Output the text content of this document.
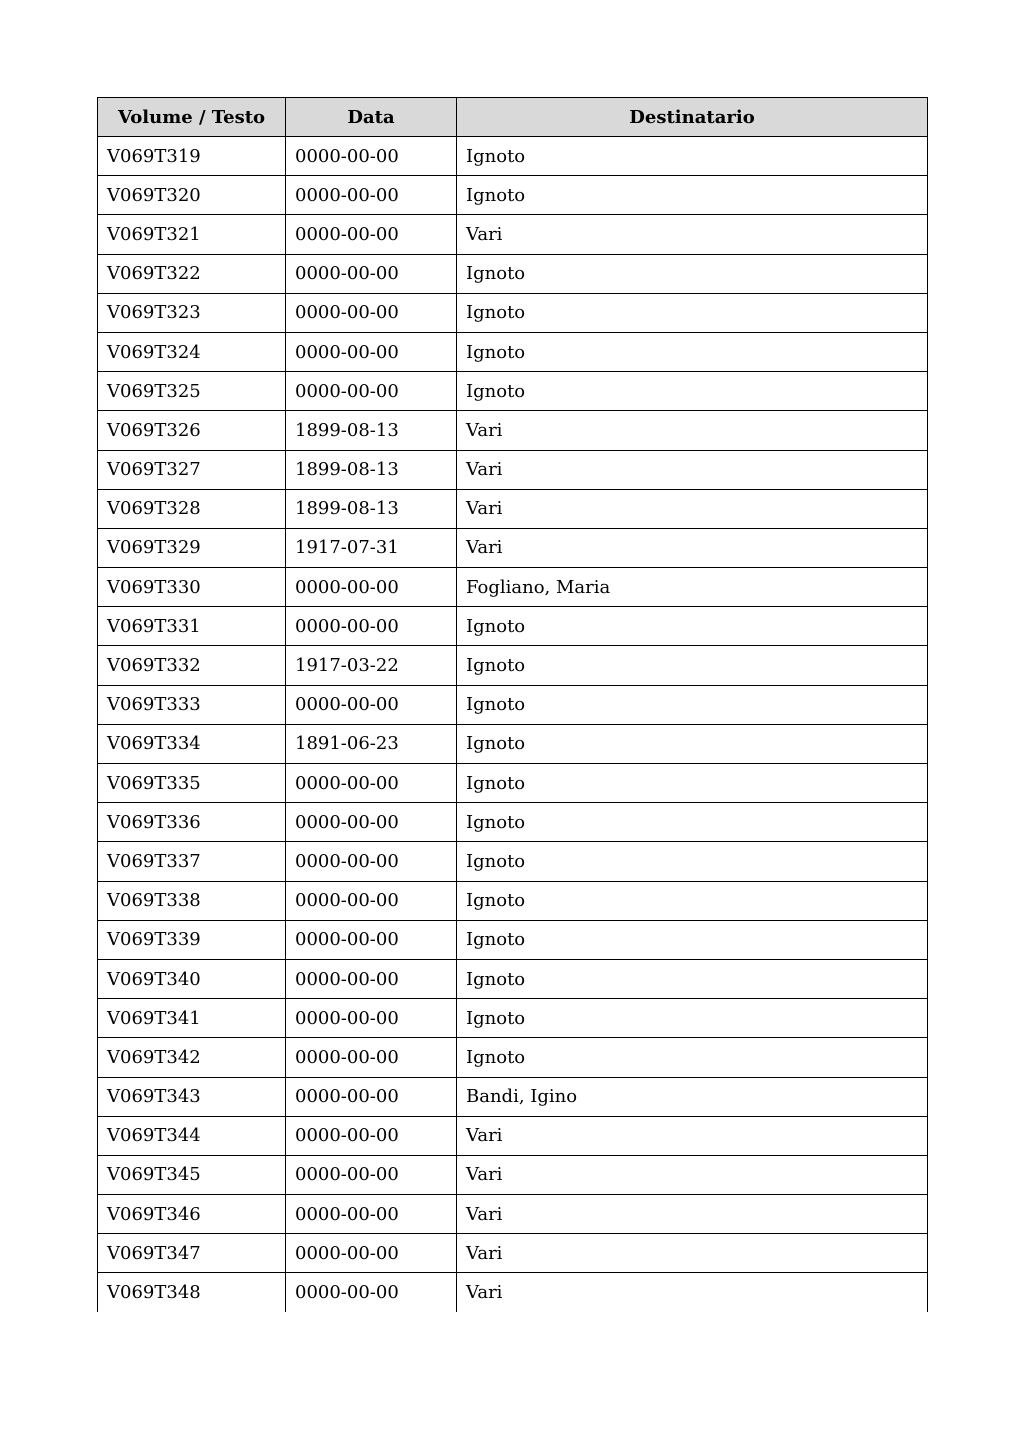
Volume / Testo	Data	Destinatario
V069T319	0000-00-00	Ignoto
V069T320	0000-00-00	Ignoto
V069T321	0000-00-00	Vari
V069T322	0000-00-00	Ignoto
V069T323	0000-00-00	Ignoto
V069T324	0000-00-00	Ignoto
V069T325	0000-00-00	Ignoto
V069T326	1899-08-13	Vari
V069T327	1899-08-13	Vari
V069T328	1899-08-13	Vari
V069T329	1917-07-31	Vari
V069T330	0000-00-00	Fogliano, Maria
V069T331	0000-00-00	Ignoto
V069T332	1917-03-22	Ignoto
V069T333	0000-00-00	Ignoto
V069T334	1891-06-23	Ignoto
V069T335	0000-00-00	Ignoto
V069T336	0000-00-00	Ignoto
V069T337	0000-00-00	Ignoto
V069T338	0000-00-00	Ignoto
V069T339	0000-00-00	Ignoto
V069T340	0000-00-00	Ignoto
V069T341	0000-00-00	Ignoto
V069T342	0000-00-00	Ignoto
V069T343	0000-00-00	Bandi, Igino
V069T344	0000-00-00	Vari
V069T345	0000-00-00	Vari
V069T346	0000-00-00	Vari
V069T347	0000-00-00	Vari
V069T348	0000-00-00	Vari
